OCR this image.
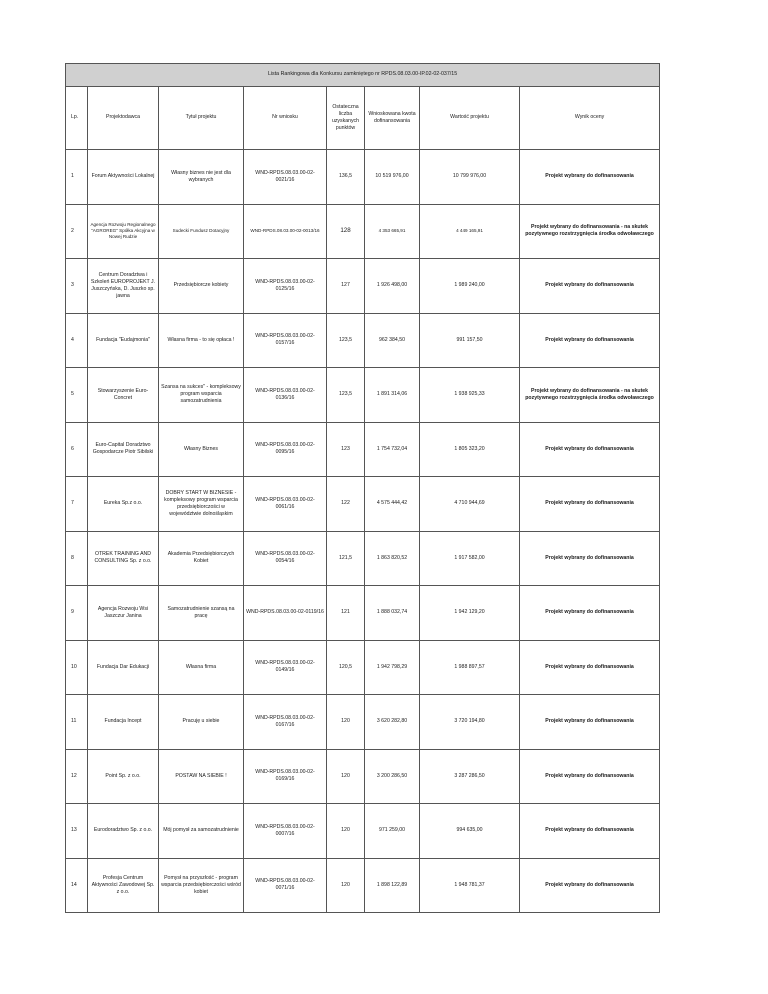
Lista Rankingowa dla Konkursu zamkniętego nr RPDS.08.03.00-IP.02-02-037/15							
Lp.	Projektodawca	Tytuł projektu	Nr wniosku	Ostateczna liczba uzyskanych punktów	Wnioskowana kwota dofinansowania	Wartość projektu	Wynik oceny
1	Forum Aktywności Lokalnej	Własny biznes nie jest dla wybranych	WND-RPDS.08.03.00-02-0021/16	136,5	10 519 976,00	10 799 976,00	Projekt wybrany do dofinansowania
2	Agencja Rozwoju Regionalnego "AGROREG" Spółka Akcyjna w Nowej Rudzie	Sudecki Fundusz Dotacyjny	WND-RPDS.08.03.00-02-0013/16	128	4 353 665,91	4 449 165,91	Projekt wybrany do dofinansowania - na skutek pozytywnego rozstrzygnięcia środka odwoławczego
3	Centrum Doradztwa i Szkoleń EUROPROJEKT J. Juszczyńska, D. Juszko sp. jawna	Przedsiębiorcze kobiety	WND-RPDS.08.03.00-02-0125/16	127	1 926 498,00	1 989 240,00	Projekt wybrany do dofinansowania
4	Fundacja "Eudajmonia"	Własna firma - to się opłaca !	WND-RPDS.08.03.00-02-0157/16	123,5	962 384,50	991 157,50	Projekt wybrany do dofinansowania
5	Stowarzyszenie Euro-Concret	Szansa na sukces" - kompleksowy program wsparcia samozatrudnienia	WND-RPDS.08.03.00-02-0136/16	123,5	1 891 314,06	1 938 925,33	Projekt wybrany do dofinansowania - na skutek pozytywnego rozstrzygnięcia środka odwoławczego
6	Euro-Capital Doradztwo Gospodarcze Piotr Sibilski	Własny Biznes	WND-RPDS.08.03.00-02-0095/16	123	1 754 732,04	1 805 323,20	Projekt wybrany do dofinansowania
7	Eureka Sp.z o.o.	DOBRY START W BIZNESIE - kompleksowy program wsparcia przedsiębiorczości w województwie dolnośląskim	WND-RPDS.08.03.00-02-0061/16	122	4 575 444,42	4 710 944,69	Projekt wybrany do dofinansowania
8	OTREK TRAINING AND CONSULTING Sp. z o.o.	Akademia Przedsiębiorczych Kobiet	WND-RPDS.08.03.00-02-0054/16	121,5	1 863 820,52	1 917 582,00	Projekt wybrany do dofinansowania
9	Agencja Rozwoju Wsi Jaszczur Janina	Samozatrudnienie szansą na pracę	WND-RPDS.08.03.00-02-0119/16	121	1 888 032,74	1 942 129,20	Projekt wybrany do dofinansowania
10	Fundacja Dar Edukacji	Własna firma	WND-RPDS.08.03.00-02-0149/16	120,5	1 942 798,29	1 988 897,57	Projekt wybrany do dofinansowania
11	Fundacja Incept	Pracuję u siebie	WND-RPDS.08.03.00-02-0167/16	120	3 620 282,80	3 720 194,80	Projekt wybrany do dofinansowania
12	Point Sp. z o.o.	POSTAW NA SIEBIE !	WND-RPDS.08.03.00-02-0169/16	120	3 200 286,50	3 287 286,50	Projekt wybrany do dofinansowania
13	Eurodoradztwo Sp. z o.o.	Mój pomysł za samozatrudnienie	WND-RPDS.08.03.00-02-0007/16	120	971 259,00	994 635,00	Projekt wybrany do dofinansowania
14	Profesja Centrum Aktywności Zawodowej Sp. z o.o.	Pomysł na przyszłość - program wsparcia przedsiębiorczości wśród kobiet	WND-RPDS.08.03.00-02-0071/16	120	1 898 122,89	1 948 781,37	Projekt wybrany do dofinansowania
